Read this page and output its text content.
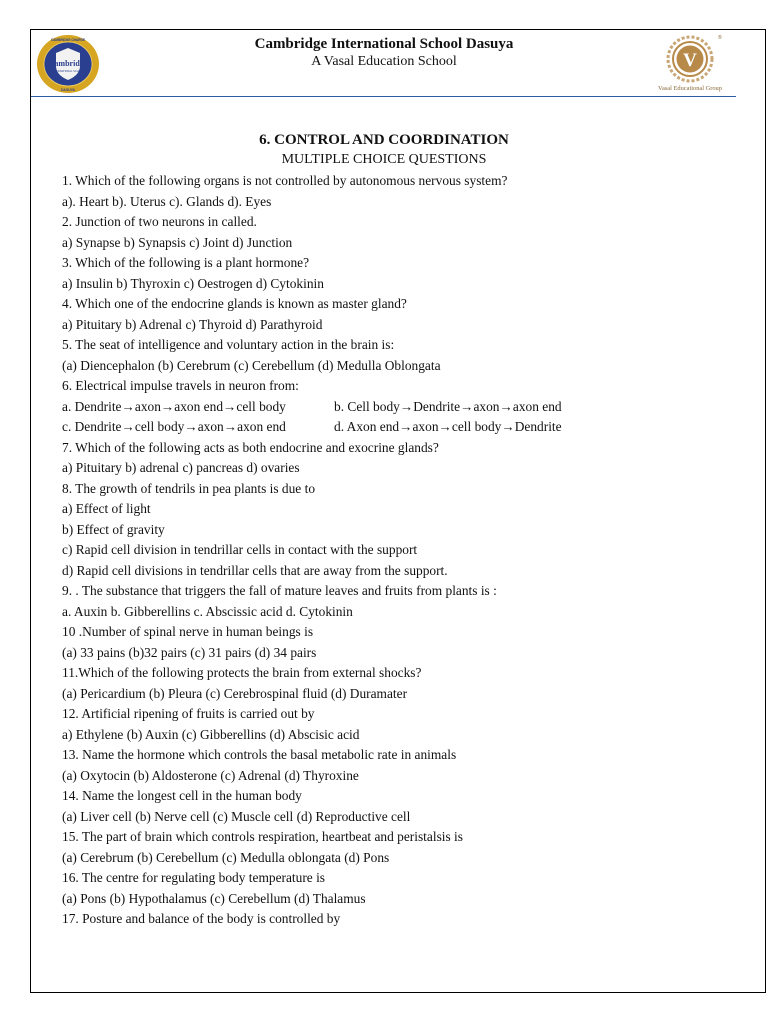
Cambridge
INTERNATIONAL SCHOOL
CAMBRIDGE CHARGE
DASUYA
Cambridge International School Dasuya
A Vasal Education School	V
®
Vasal Educational Group
6. CONTROL AND COORDINATION
MULTIPLE CHOICE QUESTIONS
1. Which of the following organs is not controlled by autonomous nervous system?
a). Heart b). Uterus c). Glands d). Eyes
2. Junction of two neurons in called.
a) Synapse b) Synapsis c) Joint d) Junction
3. Which of the following is a plant hormone?
a) Insulin b) Thyroxin c) Oestrogen d) Cytokinin
4. Which one of the endocrine glands is known as master gland?
a) Pituitary b) Adrenal c) Thyroid d) Parathyroid
5. The seat of intelligence and voluntary action in the brain is:
(a) Diencephalon (b) Cerebrum (c) Cerebellum (d) Medulla Oblongata
6. Electrical impulse travels in neuron from:
a. Dendrite→axon→axon end→cell body	b. Cell body→Dendrite→axon→axon end
c. Dendrite→cell body→axon→axon end	d. Axon end→axon→cell body→Dendrite
7. Which of the following acts as both endocrine and exocrine glands?
a) Pituitary b) adrenal c) pancreas d) ovaries
8. The growth of tendrils in pea plants is due to
a) Effect of light
b) Effect of gravity
c) Rapid cell division in tendrillar cells in contact with the support
d) Rapid cell divisions in tendrillar cells that are away from the support.
9. . The substance that triggers the fall of mature leaves and fruits from plants is :
a. Auxin b. Gibberellins c. Abscissic acid d. Cytokinin
10 .Number of spinal nerve in human beings is
(a) 33 pains (b)32 pairs (c) 31 pairs (d) 34 pairs
11.Which of the following protects the brain from external shocks?
(a) Pericardium (b) Pleura (c) Cerebrospinal fluid (d) Duramater
12. Artificial ripening of fruits is carried out by
a) Ethylene (b) Auxin (c) Gibberellins (d) Abscisic acid
13. Name the hormone which controls the basal metabolic rate in animals
(a) Oxytocin (b) Aldosterone (c) Adrenal (d) Thyroxine
14. Name the longest cell in the human body
(a) Liver cell (b) Nerve cell (c) Muscle cell (d) Reproductive cell
15. The part of brain which controls respiration, heartbeat and peristalsis is
(a) Cerebrum (b) Cerebellum (c) Medulla oblongata (d) Pons
16. The centre for regulating body temperature is
(a) Pons (b) Hypothalamus (c) Cerebellum (d) Thalamus
17. Posture and balance of the body is controlled by
